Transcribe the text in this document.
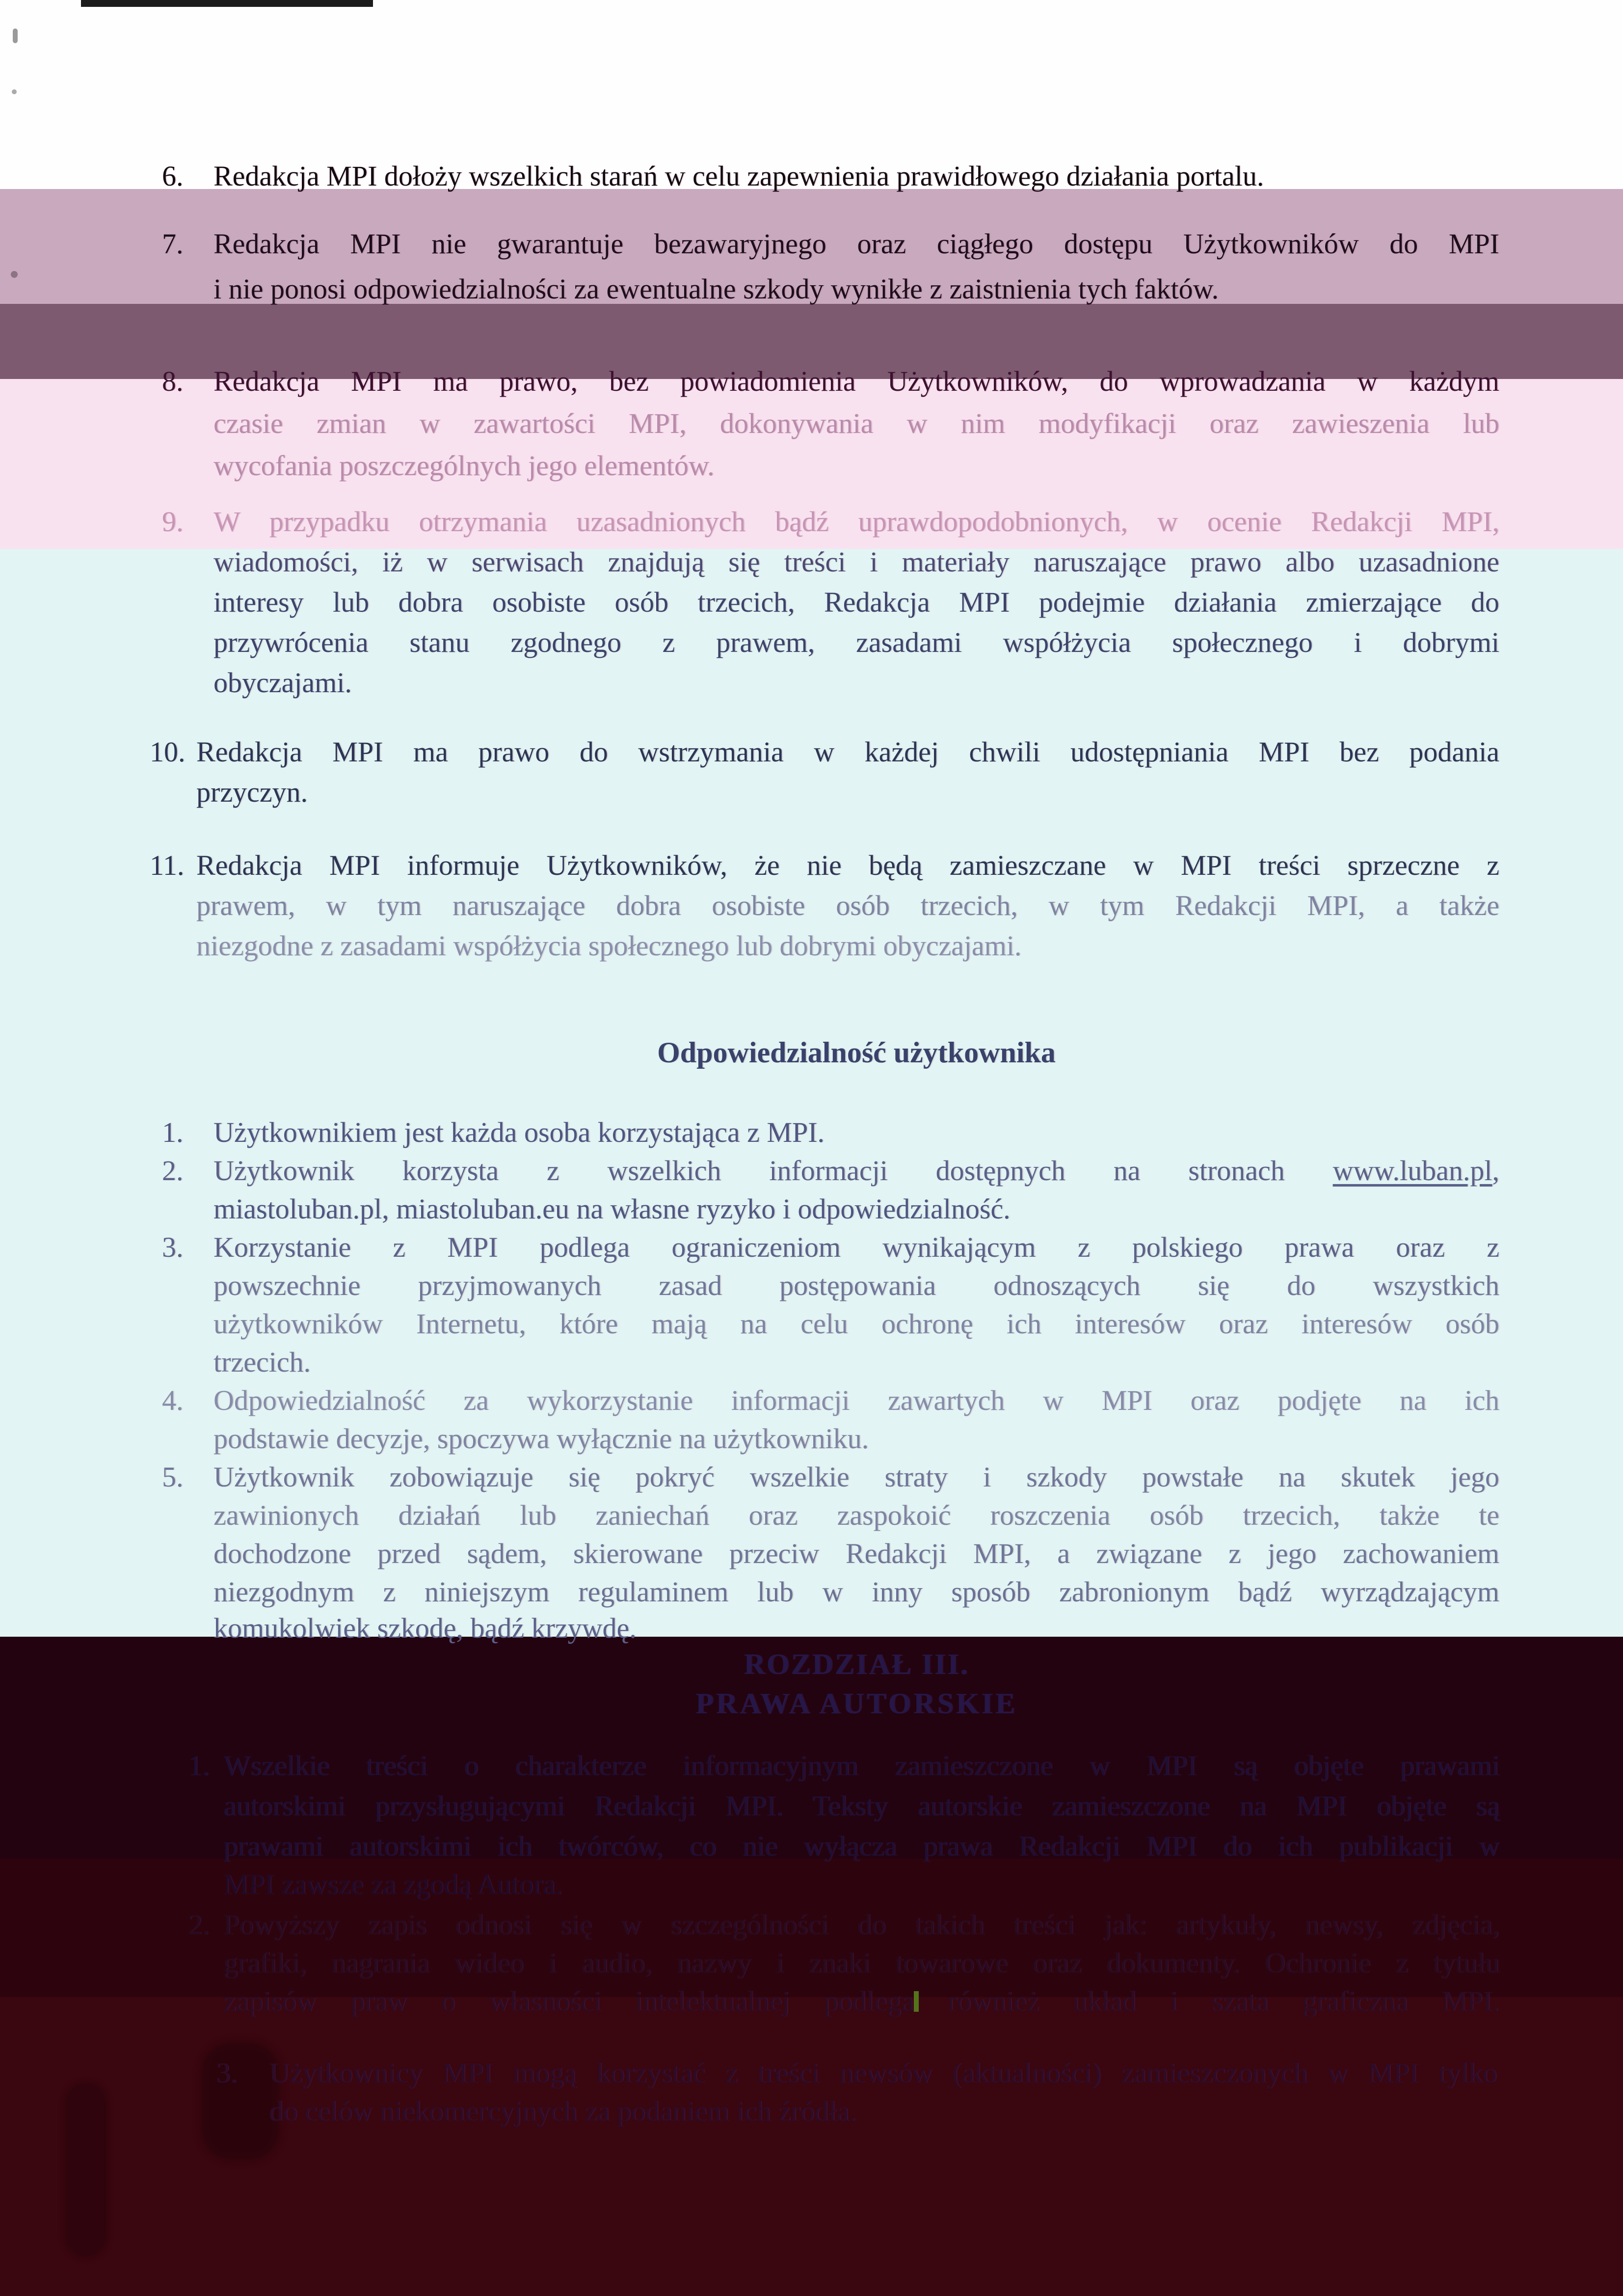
6. Redakcja MPI dołoży wszelkich starań w celu zapewnienia prawidłowego działania portalu.
7. Redakcja MPI nie gwarantuje bezawaryjnego oraz ciągłego dostępu Użytkowników do MPI
i nie ponosi odpowiedzialności za ewentualne szkody wynikłe z zaistnienia tych faktów.
8. Redakcja MPI ma prawo, bez powiadomienia Użytkowników, do wprowadzania w każdym
czasie zmian w zawartości MPI, dokonywania w nim modyfikacji oraz zawieszenia lub
wycofania poszczególnych jego elementów.
9. W przypadku otrzymania uzasadnionych bądź uprawdopodobnionych, w ocenie Redakcji MPI,
wiadomości, iż w serwisach znajdują się treści i materiały naruszające prawo albo uzasadnione
interesy lub dobra osobiste osób trzecich, Redakcja MPI podejmie działania zmierzające do
przywrócenia stanu zgodnego z prawem, zasadami współżycia społecznego i dobrymi
obyczajami.
10. Redakcja MPI ma prawo do wstrzymania w każdej chwili udostępniania MPI bez podania
przyczyn.
11. Redakcja MPI informuje Użytkowników, że nie będą zamieszczane w MPI treści sprzeczne z
prawem, w tym naruszające dobra osobiste osób trzecich, w tym Redakcji MPI, a także
niezgodne z zasadami współżycia społecznego lub dobrymi obyczajami.
Odpowiedzialność użytkownika
1. Użytkownikiem jest każda osoba korzystająca z MPI.
2. Użytkownik korzysta z wszelkich informacji dostępnych na stronach www.luban.pl,
miastoluban.pl, miastoluban.eu na własne ryzyko i odpowiedzialność.
3. Korzystanie z MPI podlega ograniczeniom wynikającym z polskiego prawa oraz z
powszechnie przyjmowanych zasad postępowania odnoszących się do wszystkich
użytkowników Internetu, które mają na celu ochronę ich interesów oraz interesów osób
trzecich.
4. Odpowiedzialność za wykorzystanie informacji zawartych w MPI oraz podjęte na ich
podstawie decyzje, spoczywa wyłącznie na użytkowniku.
5. Użytkownik zobowiązuje się pokryć wszelkie straty i szkody powstałe na skutek jego
zawinionych działań lub zaniechań oraz zaspokoić roszczenia osób trzecich, także te
dochodzone przed sądem, skierowane przeciw Redakcji MPI, a związane z jego zachowaniem
niezgodnym z niniejszym regulaminem lub w inny sposób zabronionym bądź wyrządzającym
komukolwiek szkodę, bądź krzywdę.
ROZDZIAŁ III.
PRAWA AUTORSKIE
1. Wszelkie treści o charakterze informacyjnym zamieszczone w MPI są objęte prawami
autorskimi przysługującymi Redakcji MPI. Teksty autorskie zamieszczone na MPI objęte są
prawami autorskimi ich twórców, co nie wyłącza prawa Redakcji MPI do ich publikacji w
MPI zawsze za zgodą Autora.
2. Powyższy zapis odnosi się w szczególności do takich treści jak: artykuły, newsy, zdjęcia,
grafiki, nagrania wideo i audio, nazwy i znaki towarowe oraz dokumenty. Ochronie z tytułu
zapisów praw o własności intelektualnej podlega również układ i szata graficzna MPI.
3. Użytkownicy MPI mogą korzystać z treści newsów (aktualności) zamieszczonych w MPI tylko
do celów niekomercyjnych za podaniem ich źródła.
